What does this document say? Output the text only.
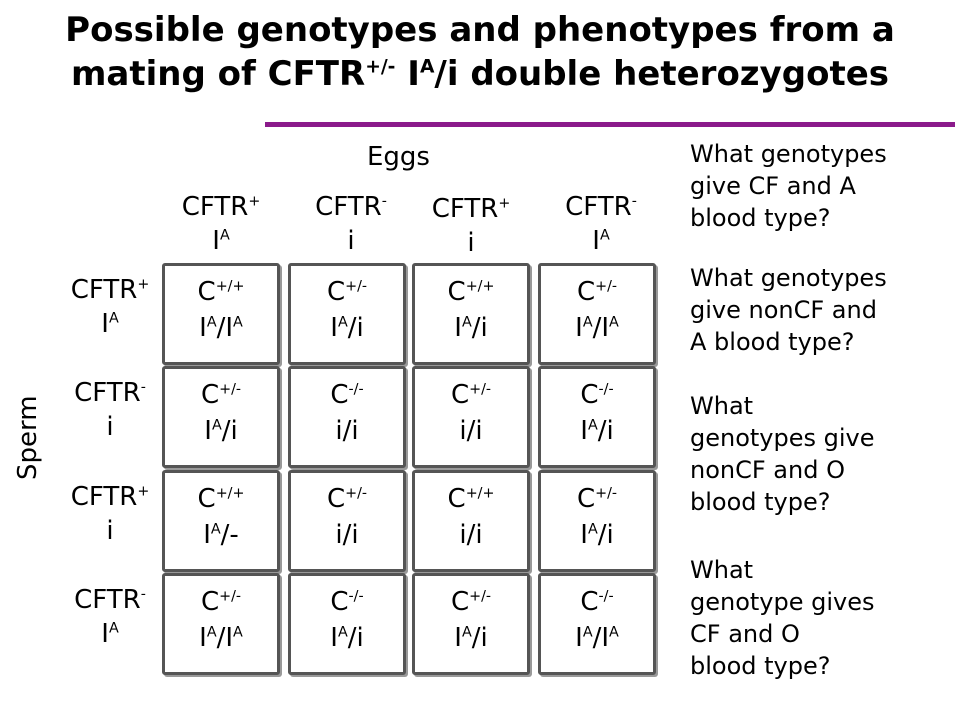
Possible genotypes and phenotypes from a
mating of CFTR+/- $I^A/i$ double heterozygotes
Eggs
Sperm
CFTR+
$I^A$
CFTR-
i
CFTR+
i
CFTR-
$I^A$
CFTR+
$I^A$
CFTR-
i
CFTR+
i
CFTR-
$I^A$
C+/+
$I^A/I^A$
C+/-
$I^A/i$
C+/+
$I^A/i$
C+/-
$I^A/I^A$
C+/-
$I^A/i$
C-/-
i/i
C+/-
i/i
C-/-
$I^A/i$
C+/+
$I^A/-$
C+/-
i/i
C+/+
i/i
C+/-
$I^A/i$
C+/-
$I^A/I^A$
C-/-
$I^A/i$
C+/-
$I^A/i$
C-/-
$I^A/I^A$

What genotypes
give CF and A
blood type?

What genotypes
give nonCF and
A blood type?

What
genotypes give
nonCF and O
blood type?

What
genotype gives
CF and O
blood type?
